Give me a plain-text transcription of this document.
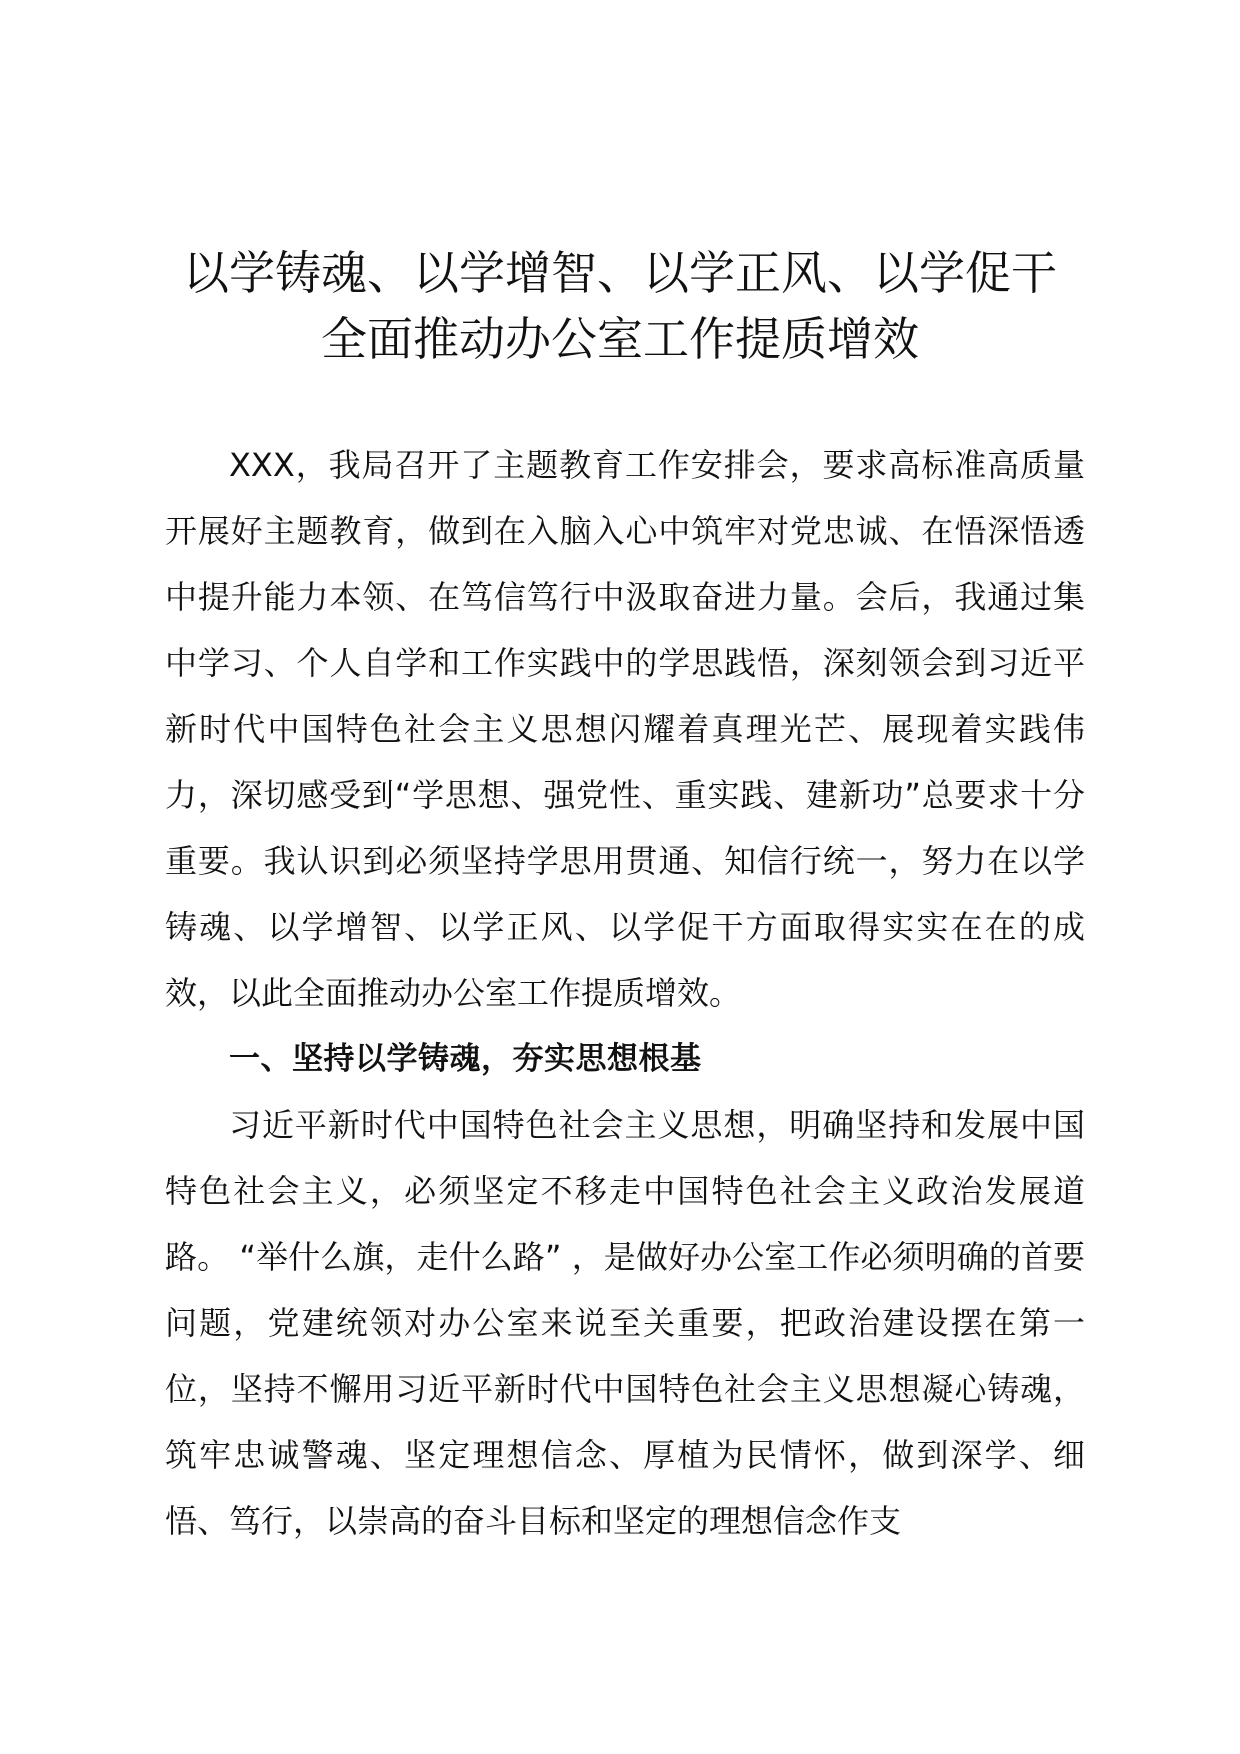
以学铸魂、以学增智、以学正风、以学促干
全面推动办公室工作提质增效

XXX，我局召开了主题教育工作安排会，要求高标准高质量开展好主题教育，做到在入脑入心中筑牢对党忠诚、在悟深悟透中提升能力本领、在笃信笃行中汲取奋进力量。会后，我通过集中学习、个人自学和工作实践中的学思践悟，深刻领会到习近平新时代中国特色社会主义思想闪耀着真理光芒、展现着实践伟力，深切感受到“学思想、强党性、重实践、建新功”总要求十分重要。我认识到必须坚持学思用贯通、知信行统一，努力在以学铸魂、以学增智、以学正风、以学促干方面取得实实在在的成效，以此全面推动办公室工作提质增效。

一、坚持以学铸魂，夯实思想根基

习近平新时代中国特色社会主义思想，明确坚持和发展中国特色社会主义，必须坚定不移走中国特色社会主义政治发展道路。 “举什么旗，走什么路” ，是做好办公室工作必须明确的首要问题，党建统领对办公室来说至关重要，把政治建设摆在第一位，坚持不懈用习近平新时代中国特色社会主义思想凝心铸魂，筑牢忠诚警魂、坚定理想信念、厚植为民情怀，做到深学、细悟、笃行，以崇高的奋斗目标和坚定的理想信念作支
